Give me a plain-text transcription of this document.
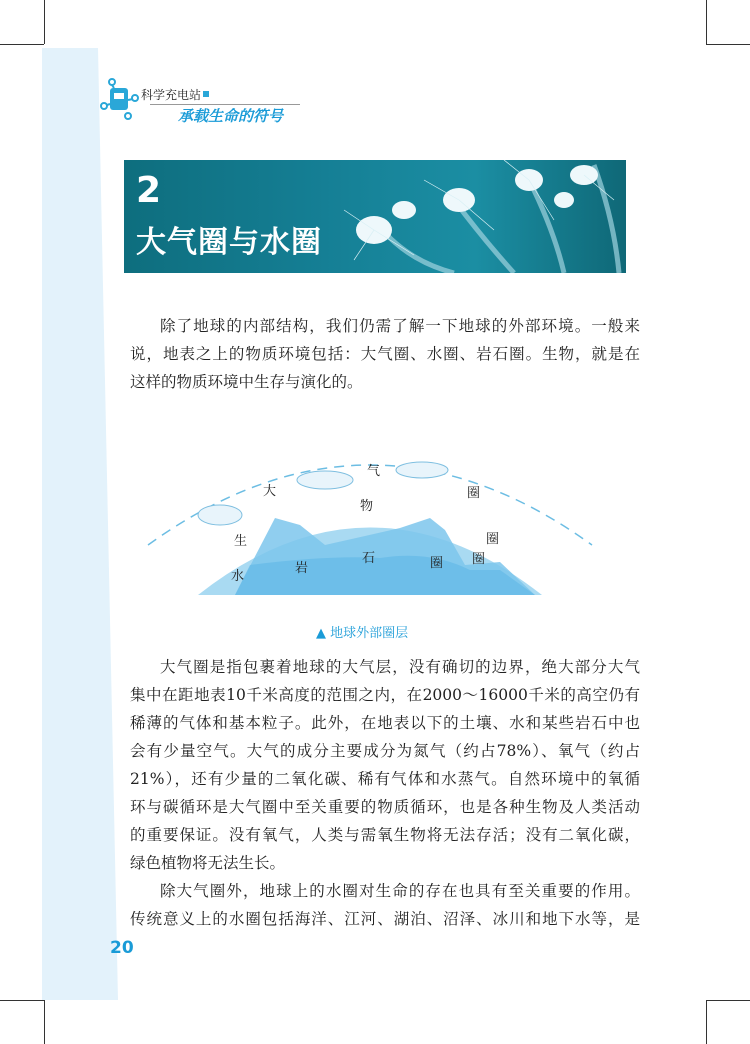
科学充电站
承载生命的符号
2
大气圈与水圈
除了地球的内部结构，我们仍需了解一下地球的外部环境。一般来
说，地表之上的物质环境包括：大气圈、水圈、岩石圈。生物，就是在
这样的物质环境中生存与演化的。
大
气
圈
生
物
圈
岩
石	圈
水
圈
▲ 地球外部圈层
大气圈是指包裹着地球的大气层，没有确切的边界，绝大部分大气
集中在距地表10千米高度的范围之内，在2000～16000千米的高空仍有
稀薄的气体和基本粒子。此外，在地表以下的土壤、水和某些岩石中也
会有少量空气。大气的成分主要成分为氮气（约占78%）、氧气（约占
21%），还有少量的二氧化碳、稀有气体和水蒸气。自然环境中的氧循
环与碳循环是大气圈中至关重要的物质循环，也是各种生物及人类活动
的重要保证。没有氧气，人类与需氧生物将无法存活；没有二氧化碳，
绿色植物将无法生长。
除大气圈外，地球上的水圈对生命的存在也具有至关重要的作用。
传统意义上的水圈包括海洋、江河、湖泊、沼泽、冰川和地下水等，是
20
